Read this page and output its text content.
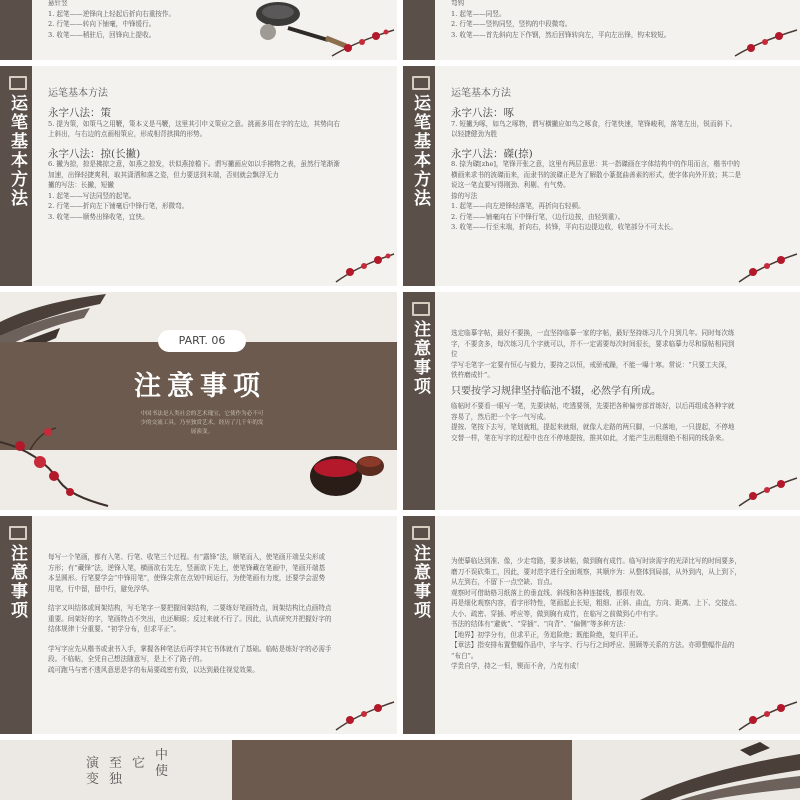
悬针竖

1. 起笔——逆锋向上轻起后折向右重按作。

2. 行笔——转向下铺毫，中锋缓行。

3. 收笔——稍驻后，回锋向上提收。

弯钩

1. 起笔——同竖。

2. 行笔——竖钩同竖，竖钩的中段微弯。

3. 收笔——首先斜向左下作钢，然后回锋转向左，平向左出锋，钩末较短。

运笔基本方法
运笔基本方法

永字八法：策

5. 提为策，如策马之用鞭，策本义是马鞭，这里其引申义策应之意。挑画多用在字的左边，其势向右

上斜出，与右边的点画相策应，形成相背拱揖的形势。

永字八法：掠(长撇)

6. 撇为掠，掠是拂掠之意，如燕之掠发，状似燕掠檐下。谓写撇画应如以手拂物之表，虽然行笔渐渐

加速，出锋轻捷爽利，取其潇洒和落之姿，但力要送到末端，否则就会飘浮无力

撇的写法：长撇，短撇

1. 起笔——写法同竖的起笔。

2. 行笔——折向左下铺毫后中锋行笔，形微弯。

3. 收笔——顺势出锋收笔，宜快。

运笔基本方法
运笔基本方法

永字八法：啄

7. 短撇为啄，如鸟之啄物，谓写横撇应如鸟之啄食，行笔快速，笔锋峻利，落笔左出，锐而斜下。

以轻捷健劲为胜

永字八法：磔(捺)

8. 捺为磔[zhe]，笔锋开张之意，这里有两层意思：其一指磔画在字体结构中的作用而言，楷书中的

横画来求书的波磔而来，而隶书的波磔正是为了解散小篆挺曲善素的形式，使字体向外开放；其二是

说这一笔直要写得刚劲、利剔、有气势。

捺的写法

1. 起笔——向左逆锋轻落笔，再折向右轻顿。

2. 行笔——铺毫向右下中锋行笔，（边行边按，由轻到重）。

3. 收笔——行至末端，折向右，转锋，平向右边提边收，收笔部分不可太长。

PART. 06
注意事项

中国书法是人类社会的艺术瑰宝，它使作为必不可

少的交流工具，乃至独赏艺术，经历了几千年的发

展演变。

注意事项	选定临摹字帖，最好不要换，一直坚持临摹一家的字帖，最好坚持练习几个月到几年。同时每次练

字，不要贪多，每次练习几个字就可以，并不一定需要每次时间很长，要求临摹力尽和原帖相同到

位

学写毛笔字一定要有恒心与毅力，要持之以恒，戒骄戒躁，不能一曝十寒。常说：“只要工夫深，

铁杵磨成针”。

只要按学习规律坚持临池不辍，必然学有所成。

临帖时不要看一眼写一笔，先要读帖，吃透要领，先要把各种偏旁部首练好，以后再组成各种字就

容易了，然后把一个字一气写成。

提按、笔按下去写，笔划就粗，提起来就细，就像人走路的两只脚，一只落地，一只提起，不停地

交替一样，笔在写字的过程中也在不停地提按，推其如此，才能产生出粗细绝不相同的线条来。

注意事项	每写一个笔画，都有入笔、行笔、收笔三个过程。有“露锋”法，顺笔而入，使笔画开端呈尖形或

方形；有“藏锋”法，逆锋入笔，横画欲右先左，竖画欲下先上，使笔锋藏在笔画中，笔画开端基

本呈圆形。行笔要学会“中锋用笔”，使锋尖常在点划中间运行，为使笔画有力度，还要学会涩势

用笔，行中留，留中行，避免浮华。

结字又叫结体或间架结构，写毛笔字一要把握间架结构，二要练好笔画特点，间架结构比点画特点

重要。间架好的字，笔画特点不突出，也还顺眼；反过来就不行了。因此，认真研究并把握好字的

结体规律十分重要。“初学分布，但求平正”。

学写字应先从楷书或隶书入手，掌握各种笔法后再学其它书体就有了基础。临帖是练好字的必需手

段。不临帖，全凭自己想法随意写，是上不了路子的。

疏可跑马与密不透风意思是字的布局要疏密有致，以达到最佳视觉效果。

注意事项	为使摹临达到准、像，少走弯路，要多读帖，做到胸有成竹。临写时读需字的光泽比写的时间要多，

磨刀不误砍柴工，因此，要对范字进行全面观察，其顺序为：从整体到局部，从外到内，从上到下，

从左到右，不留下一点空缺、盲点。

观察时可借助格习纸落上的垂直线、斜线和各种连接线，都很有效。

再是细化观察内容，看字形特性，笔画起止长短，粗细、正斜、曲直，方向、距离、上下、交接点、

大小、疏密、穿插、呼应等，做到胸有成竹，在临写之前做到心中有字。

书法的结体有“避就”、“穿插”、“向背”、“偏侧”等多种方法：

【地界】初学分有，但求平正，务追险绝；既能险绝，复归平正。

【章法】指安排布置整幅作品中，字与字、行与行之间呼应、照顾等关系的方法。亦即整幅作品的

“布白”。

学贵自学，持之一恒，锲而不舍，乃克有成！

中
使
它
至
独
演
变
